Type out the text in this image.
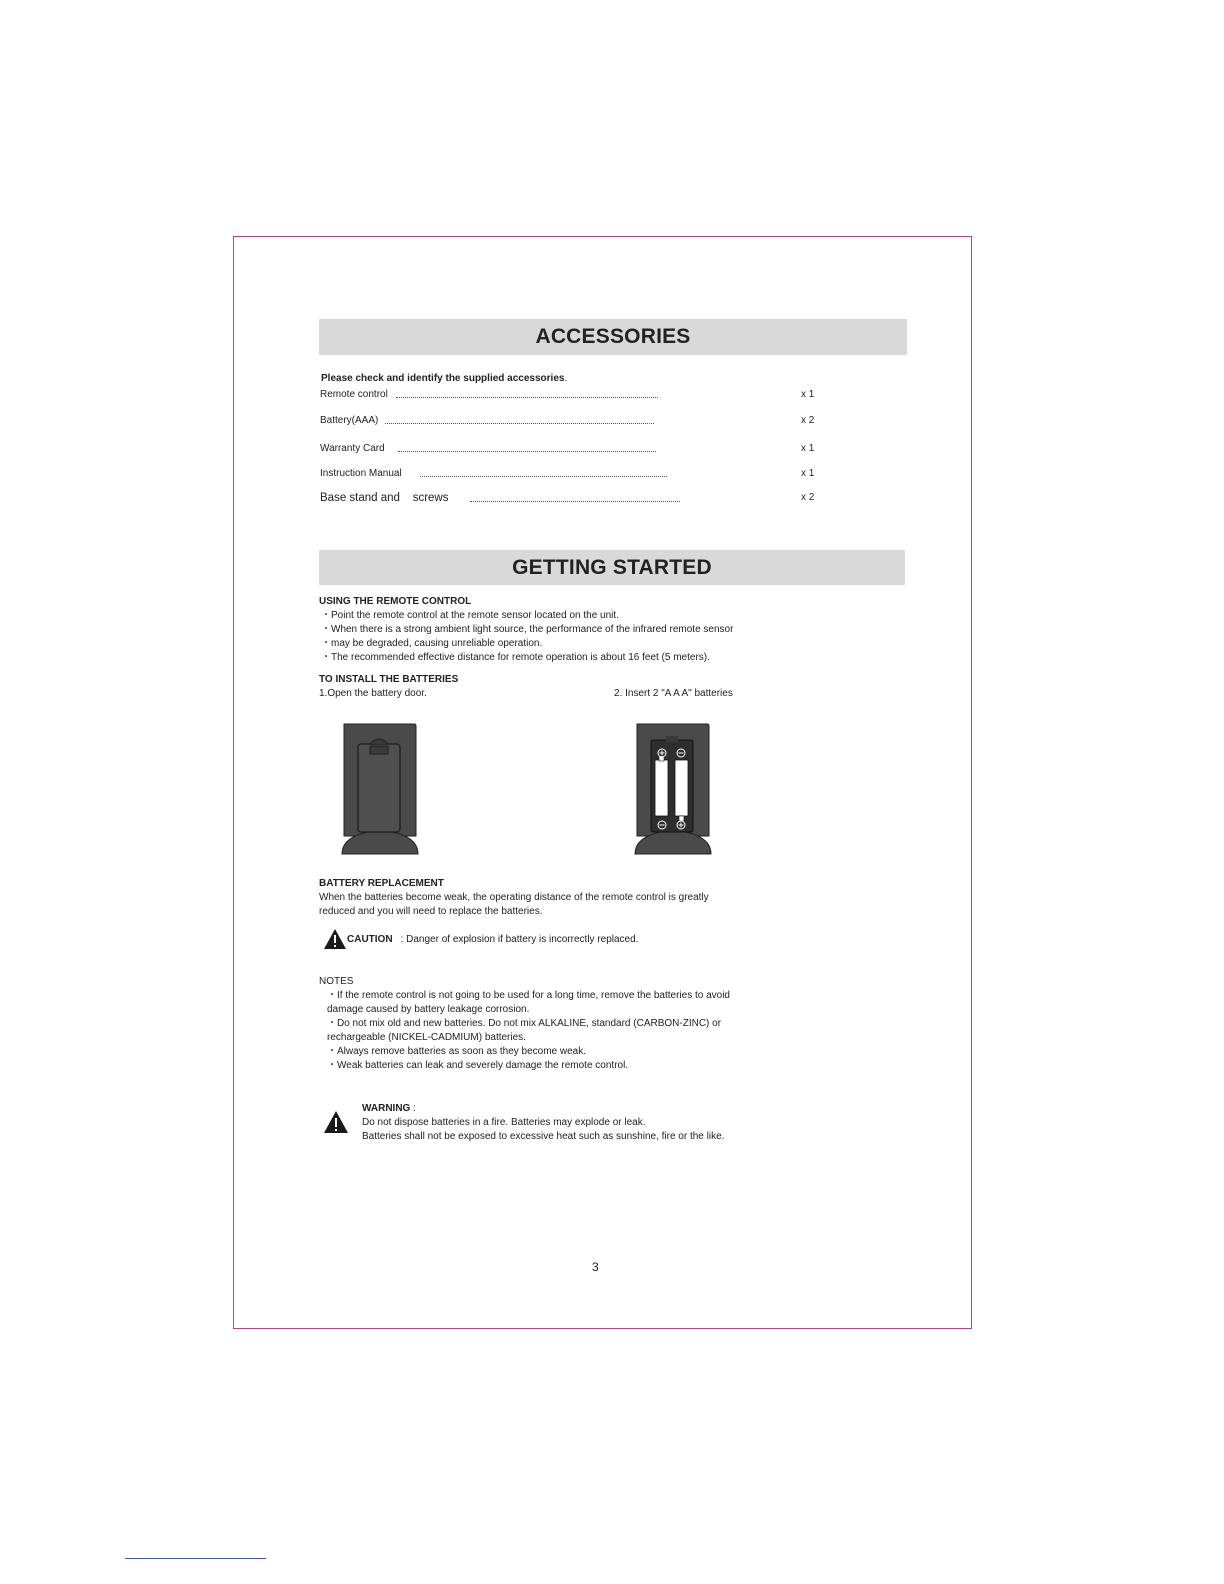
ACCESSORIES
Please check and identify the supplied accessories.
Remote control	x 1
Battery(AAA)	x 2
Warranty Card	x 1
Instruction Manual	x 1
Base stand and    screws	x 2
GETTING STARTED
USING THE REMOTE CONTROL
・Point the remote control at the remote sensor located on the unit.
・When there is a strong ambient light source, the performance of the infrared remote sensor
・may be degraded, causing unreliable operation.
・The recommended effective distance for remote operation is about 16 feet (5 meters).
TO INSTALL THE BATTERIES
1.Open the battery door.	2. Insert 2 "A A A" batteries
BATTERY REPLACEMENT
When the batteries become weak, the operating distance of the remote control is greatly
reduced and you will need to replace the batteries.
CAUTION : Danger of explosion if battery is incorrectly replaced.
NOTES
・If the remote control is not going to be used for a long time, remove the batteries to avoid
damage caused by battery leakage corrosion.
・Do not mix old and new batteries. Do not mix ALKALINE, standard (CARBON-ZINC) or
rechargeable (NICKEL-CADMIUM) batteries.
・Always remove batteries as soon as they become weak.
・Weak batteries can leak and severely damage the remote control.
WARNING :
Do not dispose batteries in a fire. Batteries may explode or leak.
Batteries shall not be exposed to excessive heat such as sunshine, fire or the like.
3
